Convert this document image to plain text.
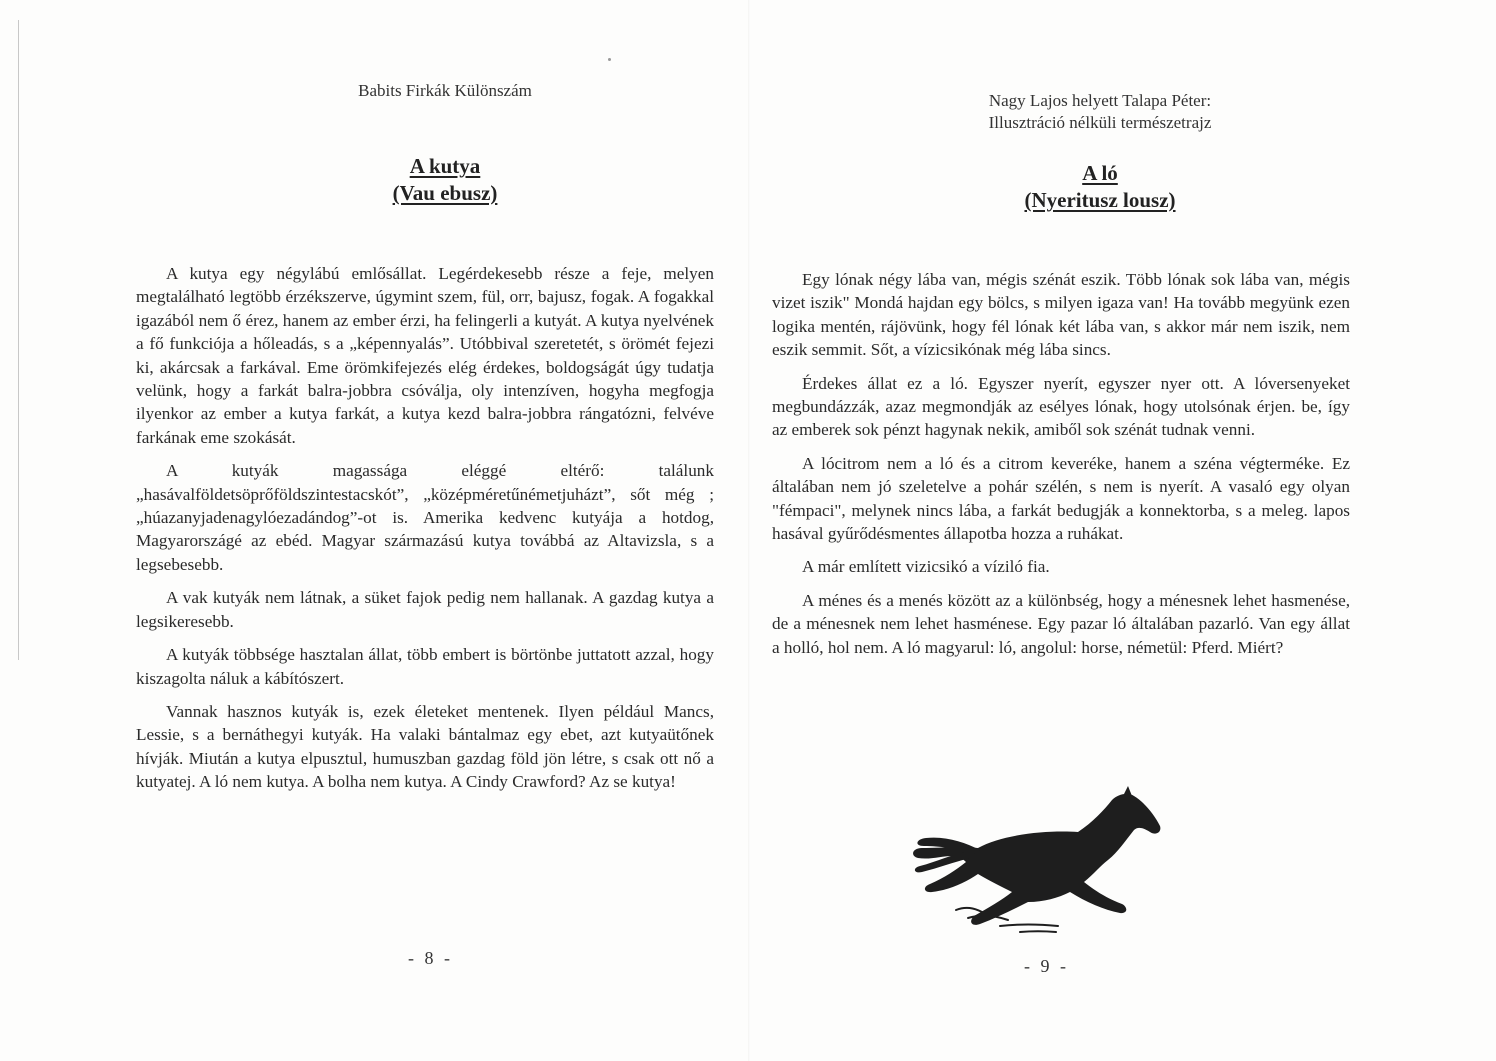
Babits Firkák Különszám
A kutya
(Vau ebusz)

A kutya egy négylábú emlősállat. Legérdekesebb része a feje, melyen megtalálható legtöbb érzékszerve, úgymint szem, fül, orr, bajusz, fogak. A fogakkal igazából nem ő érez, hanem az ember érzi, ha felingerli a kutyát. A kutya nyelvének a fő funkciója a hőleadás, s a „képennyalás”. Utóbbival szeretetét, s örömét fejezi ki, akárcsak a farkával. Eme örömkifejezés elég érdekes, boldogságát úgy tudatja velünk, hogy a farkát balra-jobbra csóválja, oly intenzíven, hogyha megfogja ilyenkor az ember a kutya farkát, a kutya kezd balra-jobbra rángatózni, felvéve farkának eme szokását.

A kutyák magassága eléggé eltérő: találunk „hasávalföldetsöprőföldszintestacskót”, „középméretűnémetjuházt”, sőt még ;„húazanyjadenagylóezadándog”-ot is. Amerika kedvenc kutyája a hotdog, Magyarországé az ebéd. Magyar származású kutya továbbá az Altavizsla, s a legsebesebb.

A vak kutyák nem látnak, a süket fajok pedig nem hallanak. A gazdag kutya a legsikeresebb.

A kutyák többsége hasztalan állat, több embert is börtönbe juttatott azzal, hogy kiszagolta náluk a kábítószert.

Vannak hasznos kutyák is, ezek életeket mentenek. Ilyen például Mancs, Lessie, s a bernáthegyi kutyák. Ha valaki bántalmaz egy ebet, azt kutyaütőnek hívják. Miután a kutya elpusztul, humuszban gazdag föld jön létre, s csak ott nő a kutyatej. A ló nem kutya. A bolha nem kutya. A Cindy Crawford? Az se kutya!

- 8 -
Nagy Lajos helyett Talapa Péter:
Illusztráció nélküli természetrajz
A ló
(Nyeritusz lousz)

Egy lónak négy lába van, mégis szénát eszik. Több lónak sok lába van, mégis vizet iszik" Mondá hajdan egy bölcs, s milyen igaza van! Ha tovább megyünk ezen logika mentén, rájövünk, hogy fél lónak két lába van, s akkor már nem iszik, nem eszik semmit. Sőt, a vízicsikónak még lába sincs.

Érdekes állat ez a ló. Egyszer nyerít, egyszer nyer ott. A lóversenyeket megbundázzák, azaz megmondják az esélyes lónak, hogy utolsónak érjen. be, így az emberek sok pénzt hagynak nekik, amiből sok szénát tudnak venni.

A lócitrom nem a ló és a citrom keveréke, hanem a széna végterméke. Ez általában nem jó szeletelve a pohár szélén, s nem is nyerít. A vasaló egy olyan "fémpaci", melynek nincs lába, a farkát bedugják a konnektorba, s a meleg. lapos hasával gyűrődésmentes állapotba hozza a ruhákat.

A már említett vizicsikó a víziló fia.

A ménes és a menés között az a különbség, hogy a ménesnek lehet hasmenése, de a ménesnek nem lehet hasménese. Egy pazar ló általában pazarló. Van egy állat a holló, hol nem. A ló magyarul: ló, angolul: horse, németül: Pferd. Miért?

- 9 -
